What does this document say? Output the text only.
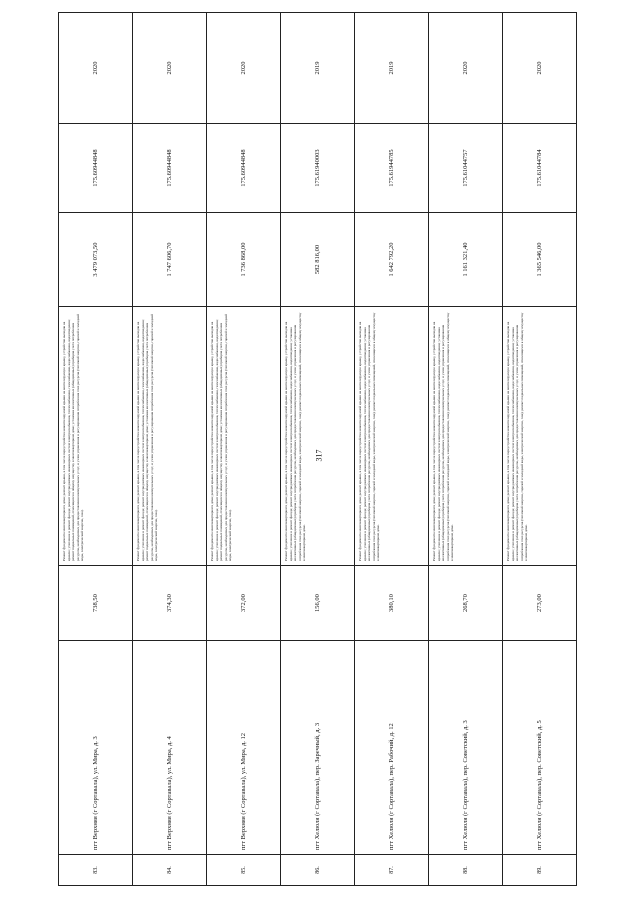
317
83.	пгт Верхняя (г Сортавала), ул. Мира, д. 3	738,50	Ремонт фундамента многоквартирного дома; ремонт крыши, в том числе переустройство невентилируемой крыши на вентилируемую крышу, устройство выходов на кровлю; утепление и ремонт фасада; ремонт внутридомовых инженерных систем электроснабжения, теплоснабжения, газоснабжения, водоснабжения, водоотведения; ремонт подвальных помещений, относящихся к общему имуществу в многоквартирном доме; установка коллективных (общедомовых) приборов учета потребления ресурсов, необходимых для предоставления коммунальных услуг, и узлов управления и регулирования потребления этих ресурсов (тепловой энергии, горячей и холодной воды, электрической энергии, газа).	3 479 073,50	175.60944848	2020
84.	пгт Верхняя (г Сортавала), ул. Мира, д. 4	374,30	Ремонт фундамента многоквартирного дома; ремонт крыши, в том числе переустройство невентилируемой крыши на вентилируемую крышу, устройство выходов на кровлю; утепление и ремонт фасада; ремонт внутридомовых инженерных систем электроснабжения, теплоснабжения, газоснабжения, водоснабжения, водоотведения; ремонт подвальных помещений, относящихся к общему имуществу в многоквартирном доме; установка коллективных (общедомовых) приборов учета потребления ресурсов, необходимых для предоставления коммунальных услуг, и узлов управления и регулирования потребления этих ресурсов (тепловой энергии, горячей и холодной воды, электрической энергии, газа).	1 747 606,70	175.60944848	2020
85.	пгт Верхняя (г Сортавала), ул. Мира, д. 12	372,00	Ремонт фундамента многоквартирного дома; ремонт крыши, в том числе переустройство невентилируемой крыши на вентилируемую крышу, устройство выходов на кровлю; утепление и ремонт фасада; ремонт внутридомовых инженерных систем электроснабжения, теплоснабжения, газоснабжения, водоснабжения, водоотведения; ремонт подвальных помещений, относящихся к общему имуществу в многоквартирном доме; установка коллективных (общедомовых) приборов учета потребления ресурсов, необходимых для предоставления коммунальных услуг, и узлов управления и регулирования потребления этих ресурсов (тепловой энергии, горячей и холодной воды, электрической энергии, газа).	1 736 868,00	175.60944848	2020
86.	пгт Хелюля (г Сортавала), пер. Заречный, д. 3	156,00	Ремонт фундамента многоквартирного дома; ремонт крыши, в том числе переустройство невентилируемой крыши на вентилируемую крышу, устройство выходов на кровлю; утепление и ремонт фасада; ремонт внутридомовых инженерных систем электроснабжения, теплоснабжения, водоснабжения, водоотведения; установка коллективных (общедомовых) приборов учета потребления ресурсов, необходимых для предоставления коммунальных услуг, и узлов управления и регулирования потребления этих ресурсов (тепловой энергии, горячей и холодной воды, электрической энергии, газа); ремонт подвальных помещений, относящихся к общему имуществу в многоквартирном доме.	582 816,00	175.61940003	2019
87.	пгт Хелюля (г Сортавала), пер. Рабочий, д. 12	380,10	Ремонт фундамента многоквартирного дома; ремонт крыши, в том числе переустройство невентилируемой крыши на вентилируемую крышу, устройство выходов на кровлю; утепление и ремонт фасада; ремонт внутридомовых инженерных систем электроснабжения, теплоснабжения, водоснабжения, водоотведения; установка коллективных (общедомовых) приборов учета потребления ресурсов, необходимых для предоставления коммунальных услуг, и узлов управления и регулирования потребления этих ресурсов (тепловой энергии, горячей и холодной воды, электрической энергии, газа); ремонт подвальных помещений, относящихся к общему имуществу в многоквартирном доме.	1 642 792,20	175.61944785	2019
88.	пгт Хелюля (г Сортавала), пер. Советский, д. 3	268,70	Ремонт фундамента многоквартирного дома; ремонт крыши, в том числе переустройство невентилируемой крыши на вентилируемую крышу, устройство выходов на кровлю; утепление и ремонт фасада; ремонт внутридомовых инженерных систем электроснабжения, теплоснабжения, водоснабжения, водоотведения; установка коллективных (общедомовых) приборов учета потребления ресурсов, необходимых для предоставления коммунальных услуг, и узлов управления и регулирования потребления этих ресурсов (тепловой энергии, горячей и холодной воды, электрической энергии, газа); ремонт подвальных помещений, относящихся к общему имуществу в многоквартирном доме.	1 161 321,40	175.61044757	2020
89.	пгт Хелюля (г Сортавала), пер. Советский, д. 5	273,00	Ремонт фундамента многоквартирного дома; ремонт крыши, в том числе переустройство невентилируемой крыши на вентилируемую крышу, устройство выходов на кровлю; утепление и ремонт фасада; ремонт внутридомовых инженерных систем электроснабжения, теплоснабжения, водоснабжения, водоотведения; установка коллективных (общедомовых) приборов учета потребления ресурсов, необходимых для предоставления коммунальных услуг, и узлов управления и регулирования потребления этих ресурсов (тепловой энергии, горячей и холодной воды, электрической энергии, газа); ремонт подвальных помещений, относящихся к общему имуществу в многоквартирном доме.	1 365 546,00	175.61044784	2020
